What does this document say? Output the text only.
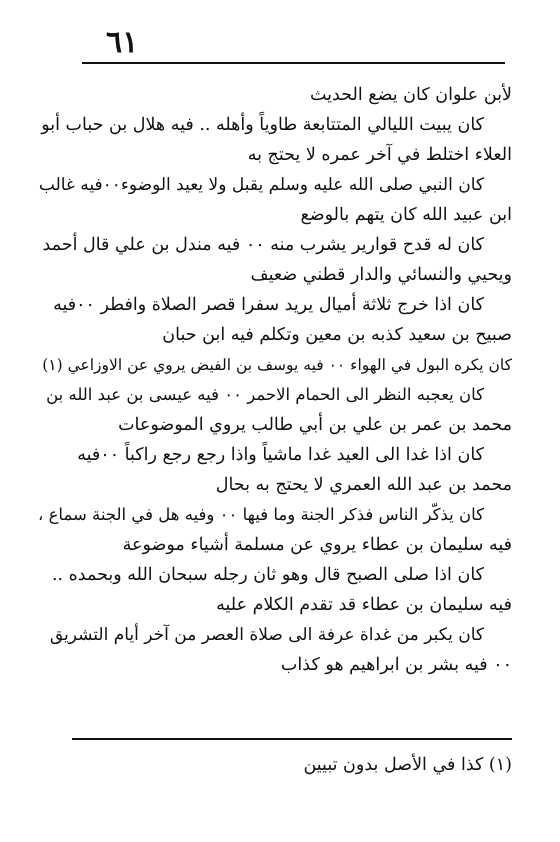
٦١
لأبن علوان كان يضع الحديث
كان يبيت الليالي المتتابعة طاوياً وأهله .. فيه هلال بن حباب أبو
العلاء اختلط في آخر عمره لا يحتج به
كان النبي صلى الله عليه وسلم يقبل ولا يعيد الوضوء٠٠فيه غالب
ابن عبيد الله كان يتهم بالوضع
كان له قدح قوارير يشرب منه ٠٠ فيه مندل بن علي قال أحمد
ويحيي والنسائي والدار قطني ضعيف
كان اذا خرج ثلاثة أميال يريد سفرا قصر الصلاة وافطر ٠٠فيه
صبيح بن سعيد كذبه بن معين وتكلم فيه ابن حبان
كان يكره البول في الهواء ٠٠ فيه يوسف بن الفيض يروي عن الاوزاعي (١)
كان يعجبه النظر الى الحمام الاحمر ٠٠ فيه عيسى بن عبد الله بن
محمد بن عمر بن علي بن أبي طالب يروي الموضوعات
كان اذا غدا الى العيد غدا ماشياً واذا رجع رجع راكباً ٠٠فيه
محمد بن عبد الله العمري لا يحتج به بحال
كان يذكّر الناس فذكر الجنة وما فيها ٠٠ وفيه هل في الجنة سماع ،
فيه سليمان بن عطاء يروي عن مسلمة أشياء موضوعة
كان اذا صلى الصبح قال وهو ثان رجله سبحان الله وبحمده ..
فيه سليمان بن عطاء قد تقدم الكلام عليه
كان يكبر من غداة عرفة الى صلاة العصر من آخر أيام التشريق
٠٠ فيه بشر بن ابراهيم هو كذاب
(١) كذا في الأصل بدون تبيين
